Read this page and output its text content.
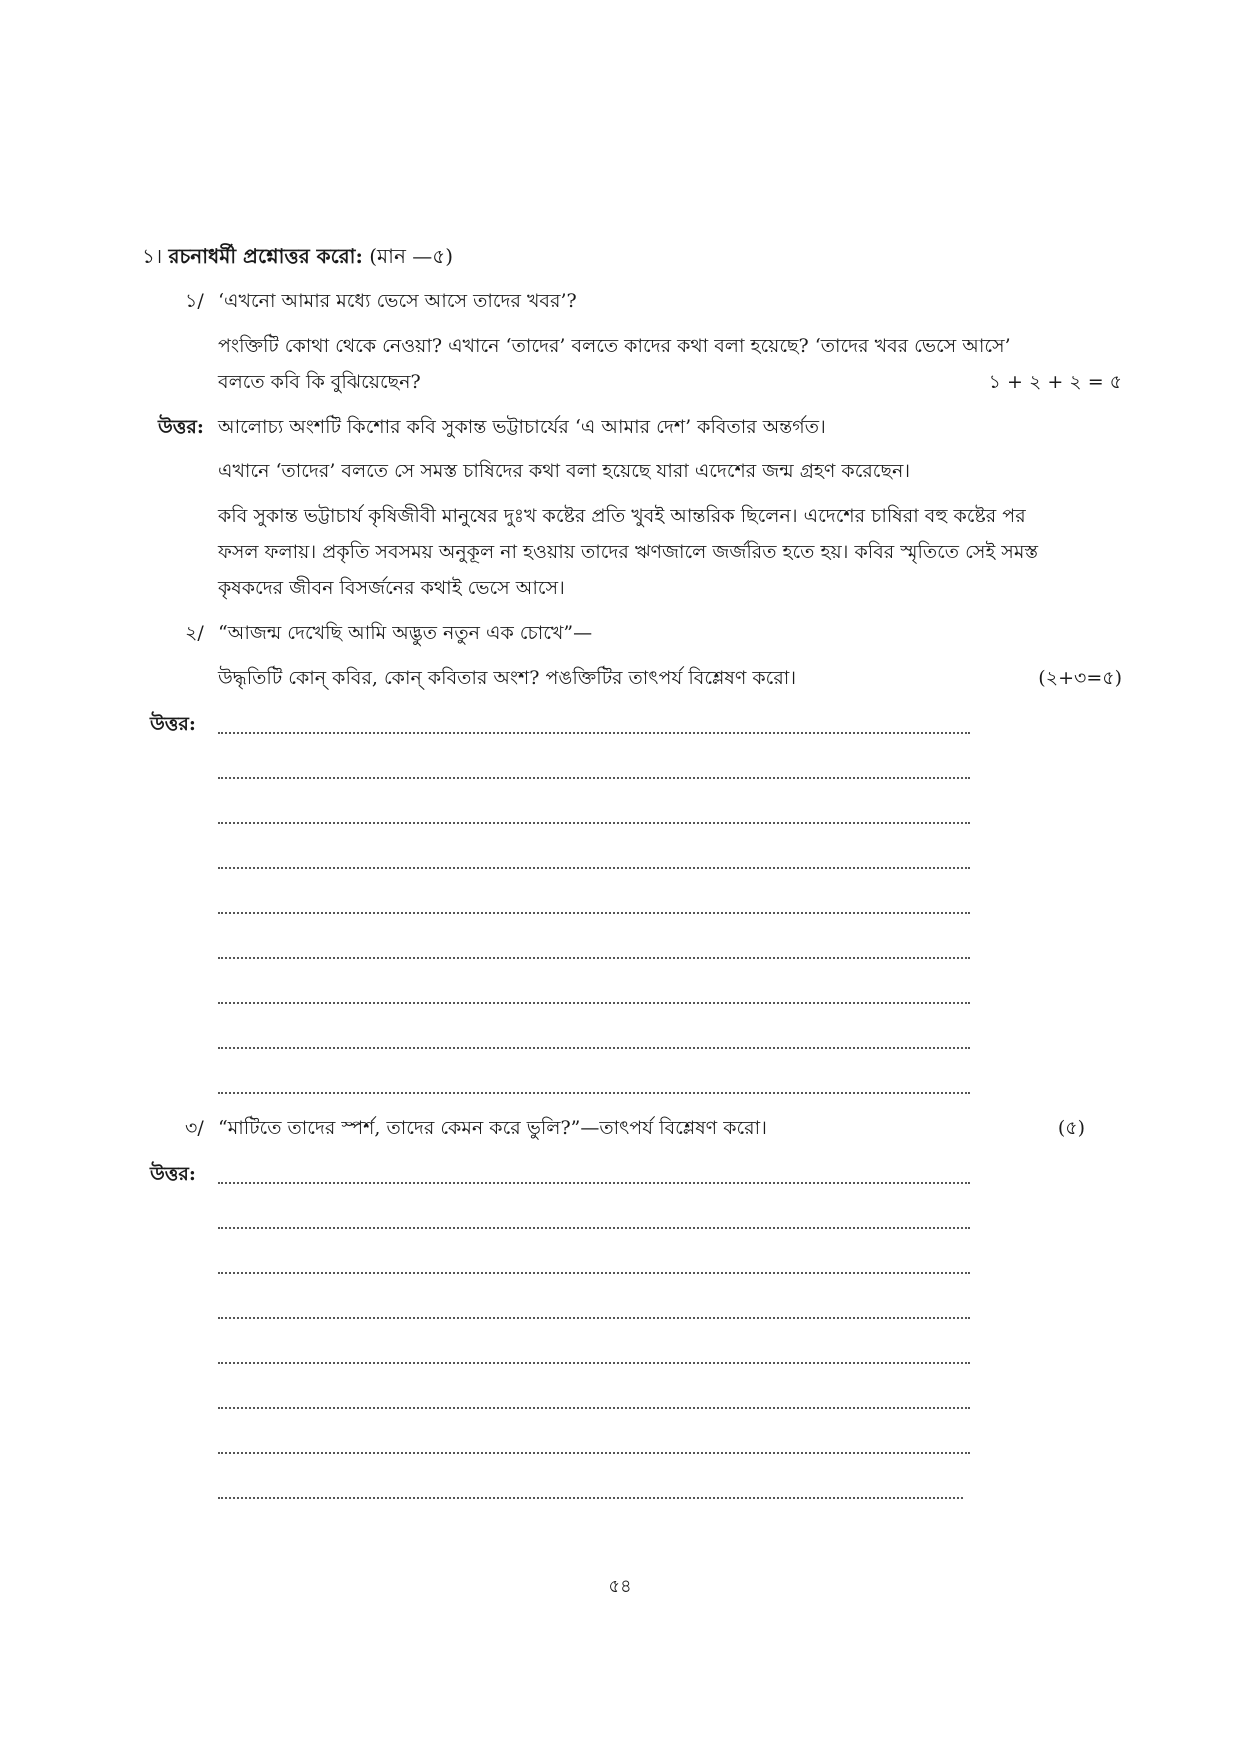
১। রচনাধর্মী প্রশ্নোত্তর করো: (মান —৫)
১/ ‘এখনো আমার মধ্যে ভেসে আসে তাদের খবর’?
পংক্তিটি কোথা থেকে নেওয়া? এখানে ‘তাদের’ বলতে কাদের কথা বলা হয়েছে? ‘তাদের খবর ভেসে আসে’
বলতে কবি কি বুঝিয়েছেন?	১ + ২ + ২ = ৫
উত্তর: আলোচ্য অংশটি কিশোর কবি সুকান্ত ভট্টাচার্যের ‘এ আমার দেশ’ কবিতার অন্তর্গত।
এখানে ‘তাদের’ বলতে সে সমস্ত চাষিদের কথা বলা হয়েছে যারা এদেশের জন্ম গ্রহণ করেছেন।
কবি সুকান্ত ভট্টাচার্য কৃষিজীবী মানুষের দুঃখ কষ্টের প্রতি খুবই আন্তরিক ছিলেন। এদেশের চাষিরা বহু কষ্টের পর
ফসল ফলায়। প্রকৃতি সবসময় অনুকূল না হওয়ায় তাদের ঋণজালে জর্জরিত হতে হয়। কবির স্মৃতিতে সেই সমস্ত
কৃষকদের জীবন বিসর্জনের কথাই ভেসে আসে।
২/ “আজন্ম দেখেছি আমি অদ্ভুত নতুন এক চোখে”—
উদ্ধৃতিটি কোন্ কবির, কোন্ কবিতার অংশ? পঙক্তিটির তাৎপর্য বিশ্লেষণ করো।	(২+৩=৫)
উত্তর:
৩/ “মাটিতে তাদের স্পর্শ, তাদের কেমন করে ভুলি?”—তাৎপর্য বিশ্লেষণ করো।	(৫)
উত্তর:
৫৪
